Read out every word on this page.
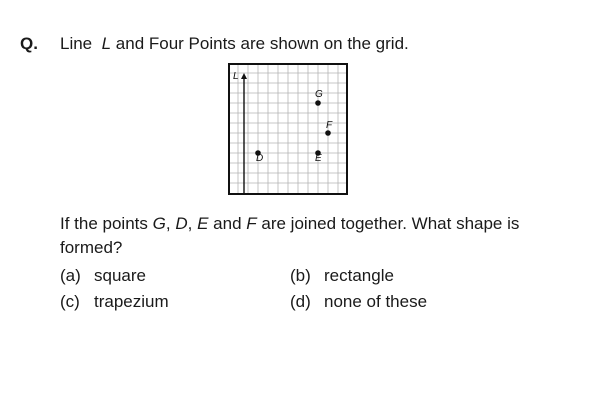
Q. Line L and Four Points are shown on the grid.
L
G
F
D	E
If the points G, D, E and F are joined together. What shape is formed?
(a) square	(b) rectangle
(c) trapezium	(d) none of these
